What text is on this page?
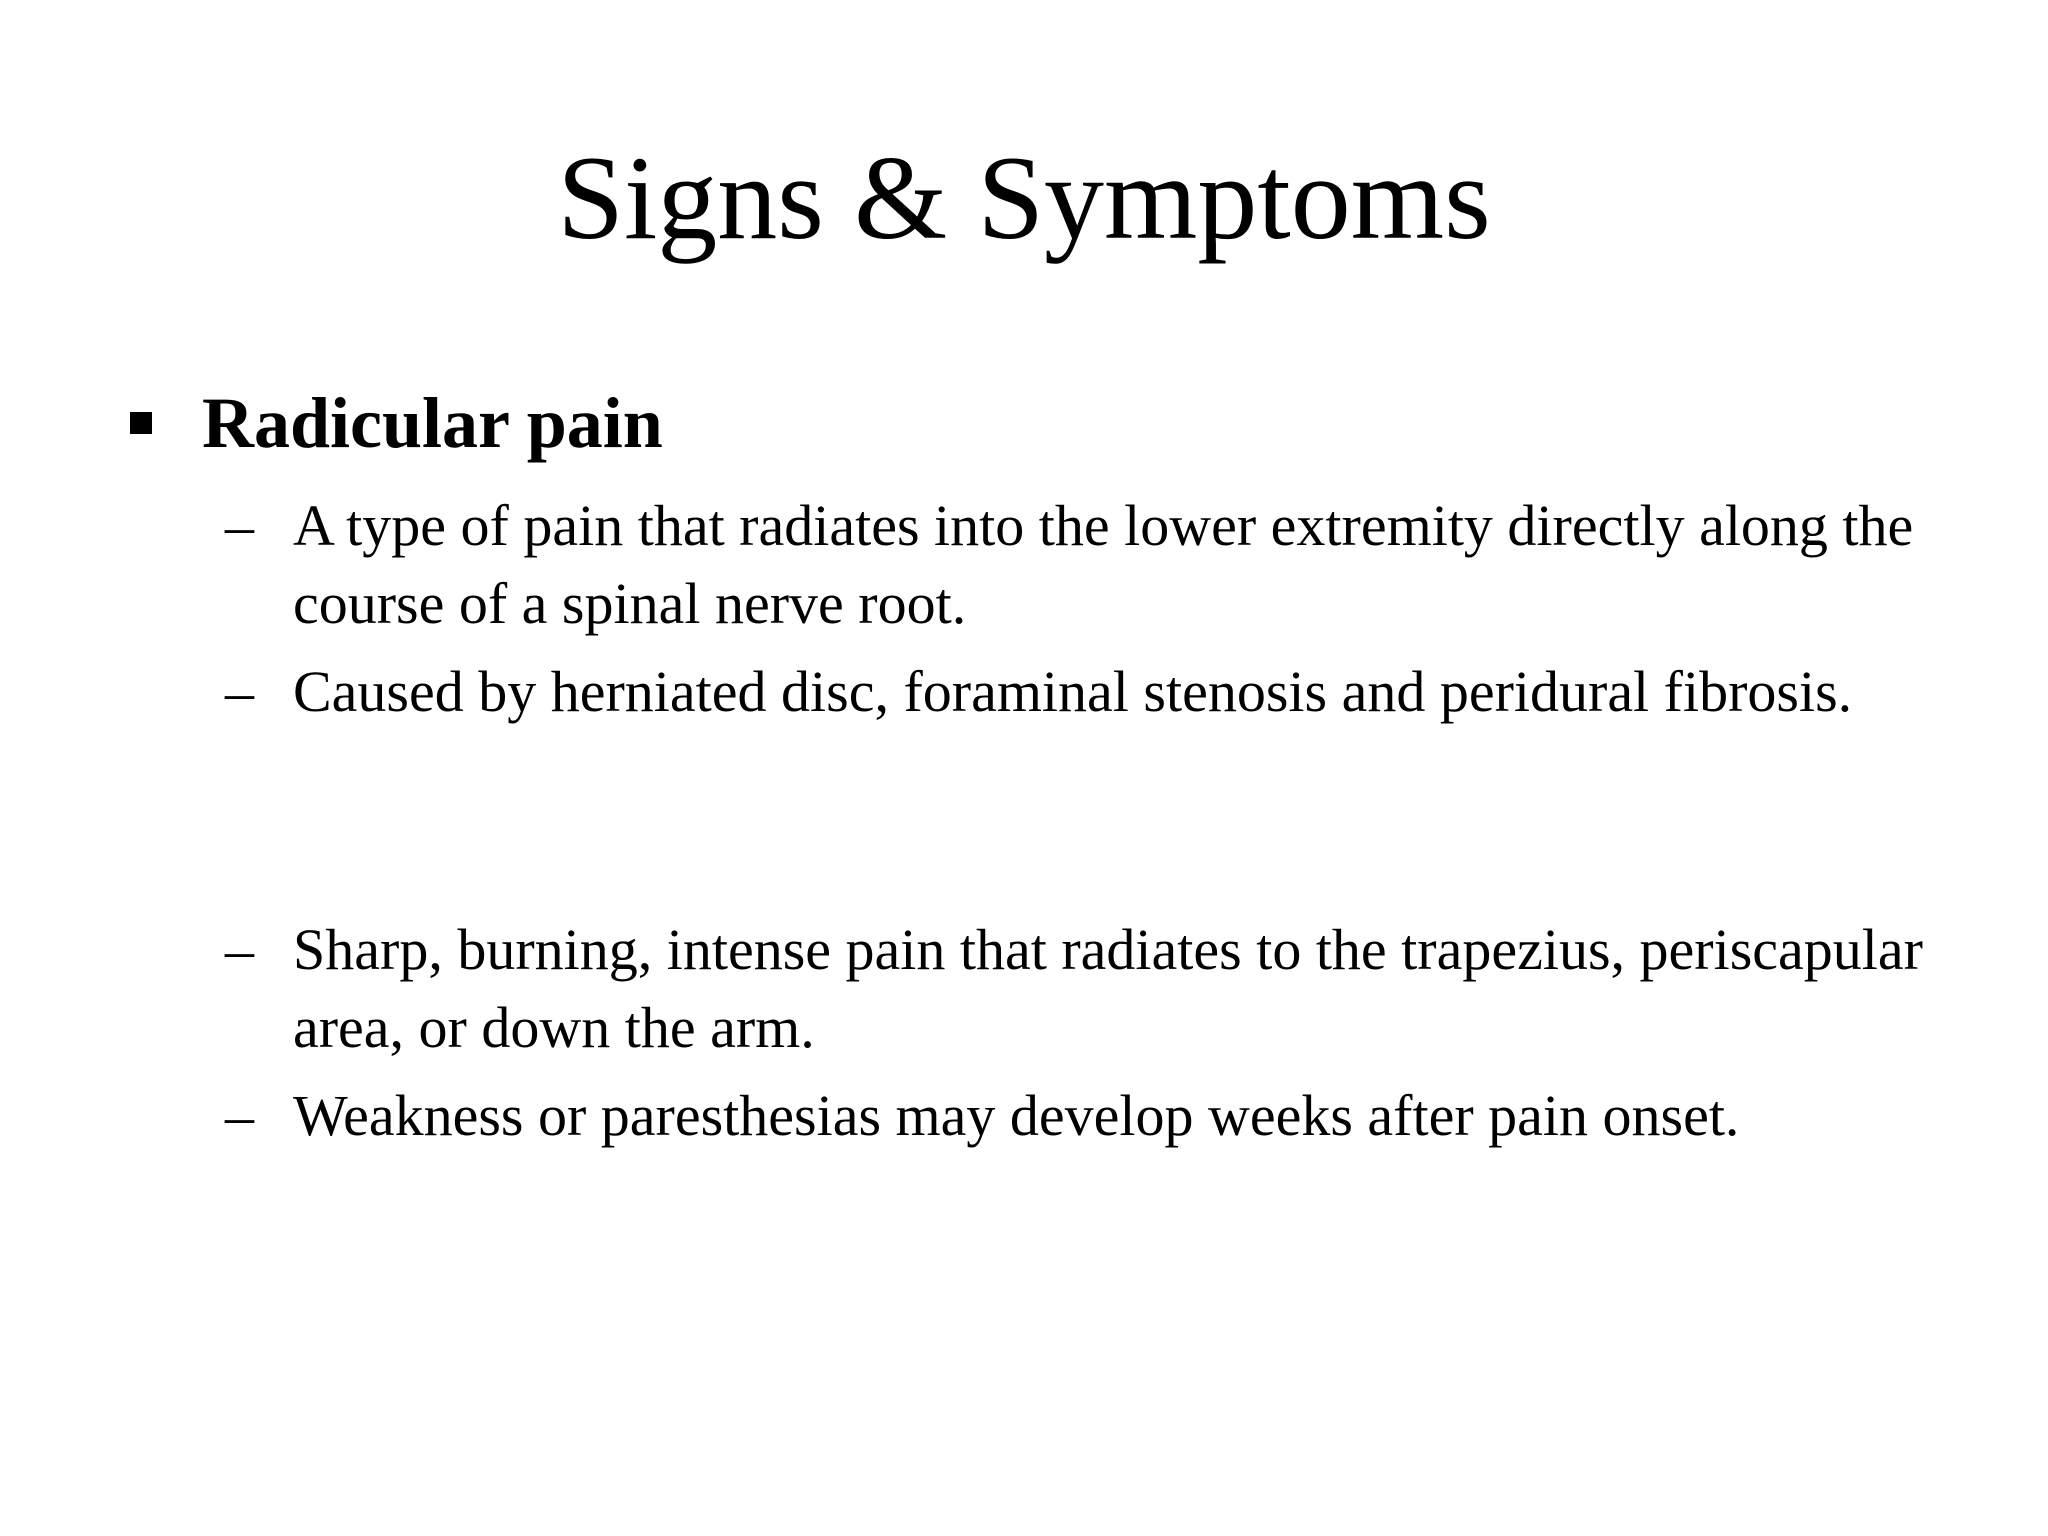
Signs & Symptoms
Radicular pain
– A type of pain that radiates into the lower extremity directly along the course of a spinal nerve root.
– Caused by herniated disc, foraminal stenosis and peridural fibrosis.
– Sharp, burning, intense pain that radiates to the trapezius, periscapular area, or down the arm.
– Weakness or paresthesias may develop weeks after pain onset.
